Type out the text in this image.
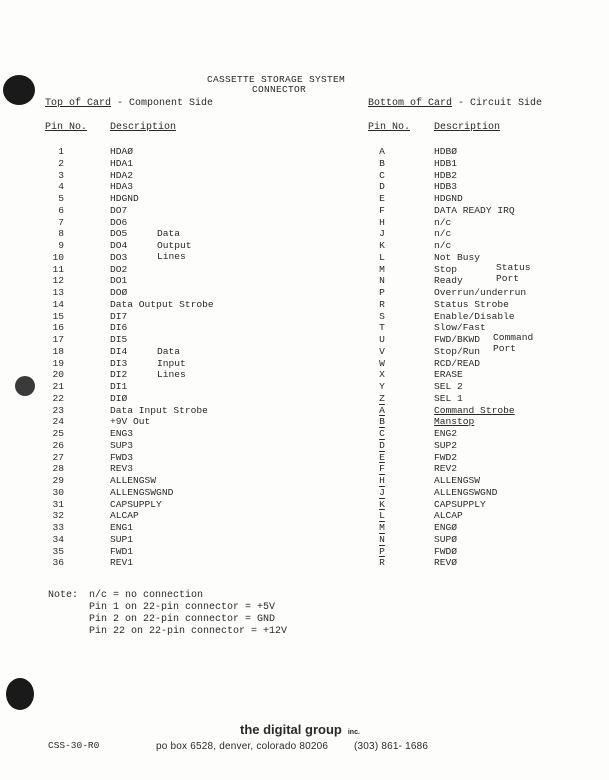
CASSETTE STORAGE SYSTEM
CONNECTOR
Top of Card - Component Side
Pin No. Description
Bottom of Card - Circuit Side
Pin No. Description
1	HDAØ
2	HDA1
3	HDA2
4	HDA3
5	HDGND
6	DO7
7	DO6
8	DO5
9	DO4
10	DO3
11	DO2
12	DO1
13	DOØ
14	Data Output Strobe
15	DI7
16	DI6
17	DI5
18	DI4
19	DI3
20	DI2
21	DI1
22	DIØ
23	Data Input Strobe
24	+9V Out
25	ENG3
26	SUP3
27	FWD3
28	REV3
29	ALLENGSW
30	ALLENGSWGND
31	CAPSUPPLY
32	ALCAP
33	ENG1
34	SUP1
35	FWD1
36	REV1
A	HDBØ
B	HDB1
C	HDB2
D	HDB3
E	HDGND
F	DATA READY IRQ
H	n/c
J	n/c
K	n/c
L	Not Busy
M	Stop
N	Ready
P	Overrun/underrun
R	Status Strobe
S	Enable/Disable
T	Slow/Fast
U	FWD/BKWD
V	Stop/Run
W	RCD/READ
X	ERASE
Y	SEL 2
Z	SEL 1
$\overline{A}$	Command Strobe
$\overline{B}$	Manstop
$\overline{C}$	ENG2
$\overline{D}$	SUP2
$\overline{E}$	FWD2
$\overline{F}$	REV2
$\overline{H}$	ALLENGSW
$\overline{J}$	ALLENGSWGND
$\overline{K}$	CAPSUPPLY
$\overline{L}$	ALCAP
$\overline{M}$	ENGØ
$\overline{N}$	SUPØ
$\overline{P}$	FWDØ
$\overline{R}$	REVØ
Data
Output
Lines
Data
Input
Lines
Status
Port
Command
Port
Note: n/c = no connection
Pin 1 on 22-pin connector = +5V
Pin 2 on 22-pin connector = GND
Pin 22 on 22-pin connector = +12V
CSS-30-R0
the digital group inc.
po box 6528, denver, colorado 80206	(303) 861- 1686
